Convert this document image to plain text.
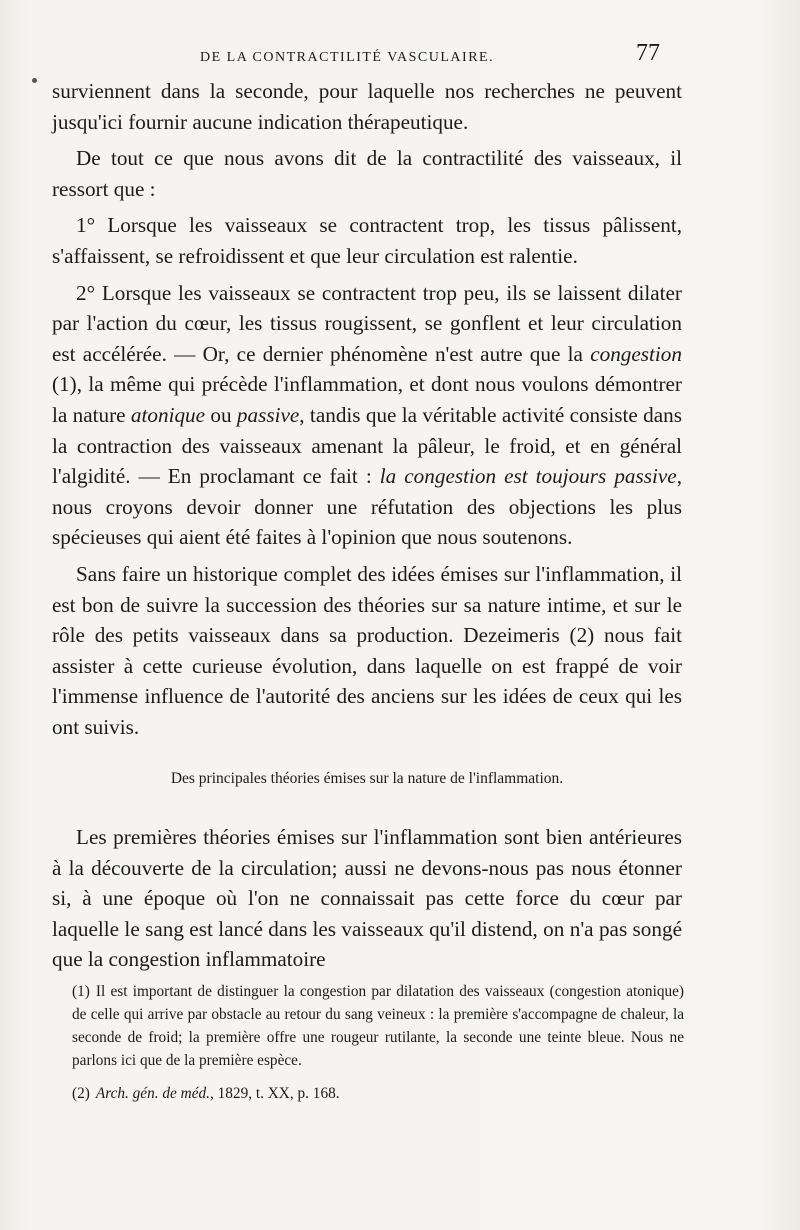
DE LA CONTRACTILITÉ VASCULAIRE.	77

surviennent dans la seconde, pour laquelle nos recherches ne peuvent jusqu'ici fournir aucune indication thérapeutique.

De tout ce que nous avons dit de la contractilité des vaisseaux, il ressort que :

1° Lorsque les vaisseaux se contractent trop, les tissus pâlissent, s'affaissent, se refroidissent et que leur circulation est ralentie.

2° Lorsque les vaisseaux se contractent trop peu, ils se laissent dilater par l'action du cœur, les tissus rougissent, se gonflent et leur circulation est accélérée. — Or, ce dernier phénomène n'est autre que la congestion (1), la même qui précède l'inflammation, et dont nous voulons démontrer la nature atonique ou passive, tandis que la véritable activité consiste dans la contraction des vaisseaux amenant la pâleur, le froid, et en général l'algidité. — En proclamant ce fait : la congestion est toujours passive, nous croyons devoir donner une réfutation des objections les plus spécieuses qui aient été faites à l'opinion que nous soutenons.

Sans faire un historique complet des idées émises sur l'inflammation, il est bon de suivre la succession des théories sur sa nature intime, et sur le rôle des petits vaisseaux dans sa production. Dezeimeris (2) nous fait assister à cette curieuse évolution, dans laquelle on est frappé de voir l'immense influence de l'autorité des anciens sur les idées de ceux qui les ont suivis.

Des principales théories émises sur la nature de l'inflammation.

Les premières théories émises sur l'inflammation sont bien antérieures à la découverte de la circulation; aussi ne devons-nous pas nous étonner si, à une époque où l'on ne connaissait pas cette force du cœur par laquelle le sang est lancé dans les vaisseaux qu'il distend, on n'a pas songé que la congestion inflammatoire

(1) Il est important de distinguer la congestion par dilatation des vaisseaux (congestion atonique) de celle qui arrive par obstacle au retour du sang veineux : la première s'accompagne de chaleur, la seconde de froid; la première offre une rougeur rutilante, la seconde une teinte bleue. Nous ne parlons ici que de la première espèce.

(2) Arch. gén. de méd., 1829, t. XX, p. 168.
